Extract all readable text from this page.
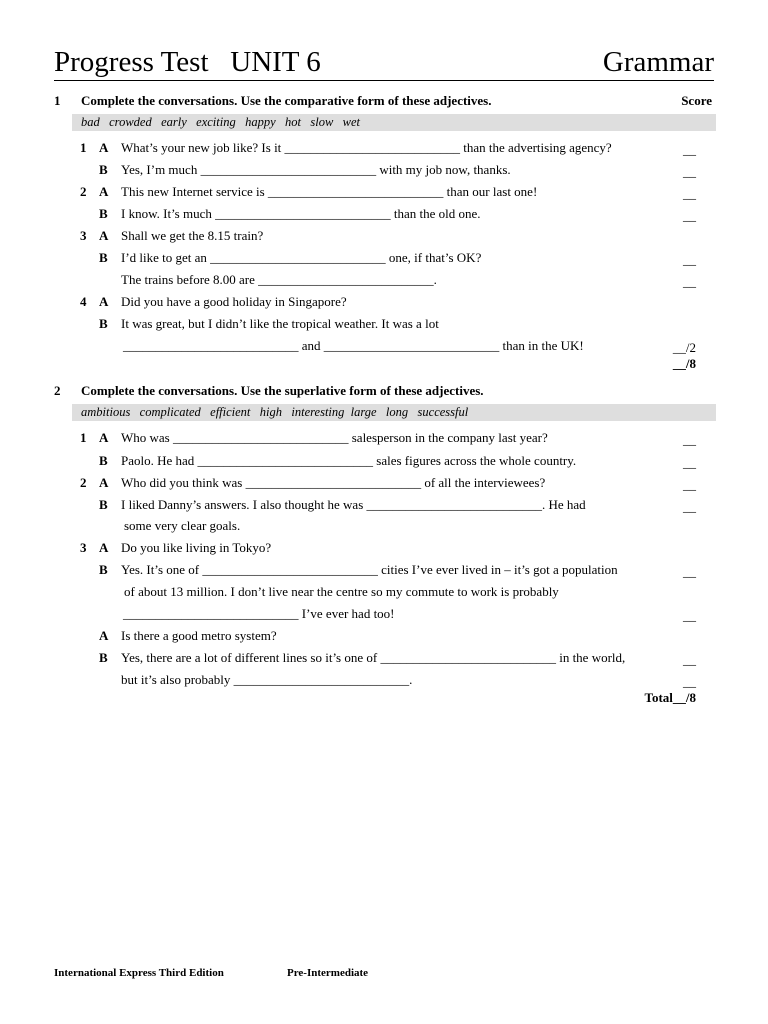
Progress Test   UNIT 6	Grammar
1 Complete the conversations. Use the comparative form of these adjectives.	Score
bad   crowded   early   exciting   happy   hot   slow   wet
1 A What’s your new job like? Is it ___________________________ than the advertising agency?	__
B Yes, I’m much ___________________________ with my job now, thanks.	__
2 A This new Internet service is ___________________________ than our last one!	__
B I know. It’s much ___________________________ than the old one.	__
3 A Shall we get the 8.15 train?
B I’d like to get an ___________________________ one, if that’s OK?	__
The trains before 8.00 are ___________________________.	__
4 A Did you have a good holiday in Singapore?
B It was great, but I didn’t like the tropical weather. It was a lot
___________________________ and ___________________________ than in the UK!	__/2
__/8
2 Complete the conversations. Use the superlative form of these adjectives.
ambitious   complicated   efficient   high   interesting  large   long   successful
1 A Who was ___________________________ salesperson in the company last year?	__
B Paolo. He had ___________________________ sales figures across the whole country.	__
2 A Who did you think was ___________________________ of all the interviewees?	__
B I liked Danny’s answers. I also thought he was ___________________________. He had	__
some very clear goals.
3 A Do you like living in Tokyo?
B Yes. It’s one of ___________________________ cities I’ve ever lived in – it’s got a population	__
of about 13 million. I don’t live near the centre so my commute to work is probably
___________________________ I’ve ever had too!	__
A Is there a good metro system?
B Yes, there are a lot of different lines so it’s one of ___________________________ in the world,	__
but it’s also probably ___________________________.	__
Total__/8
International Express Third Edition	Pre-Intermediate
